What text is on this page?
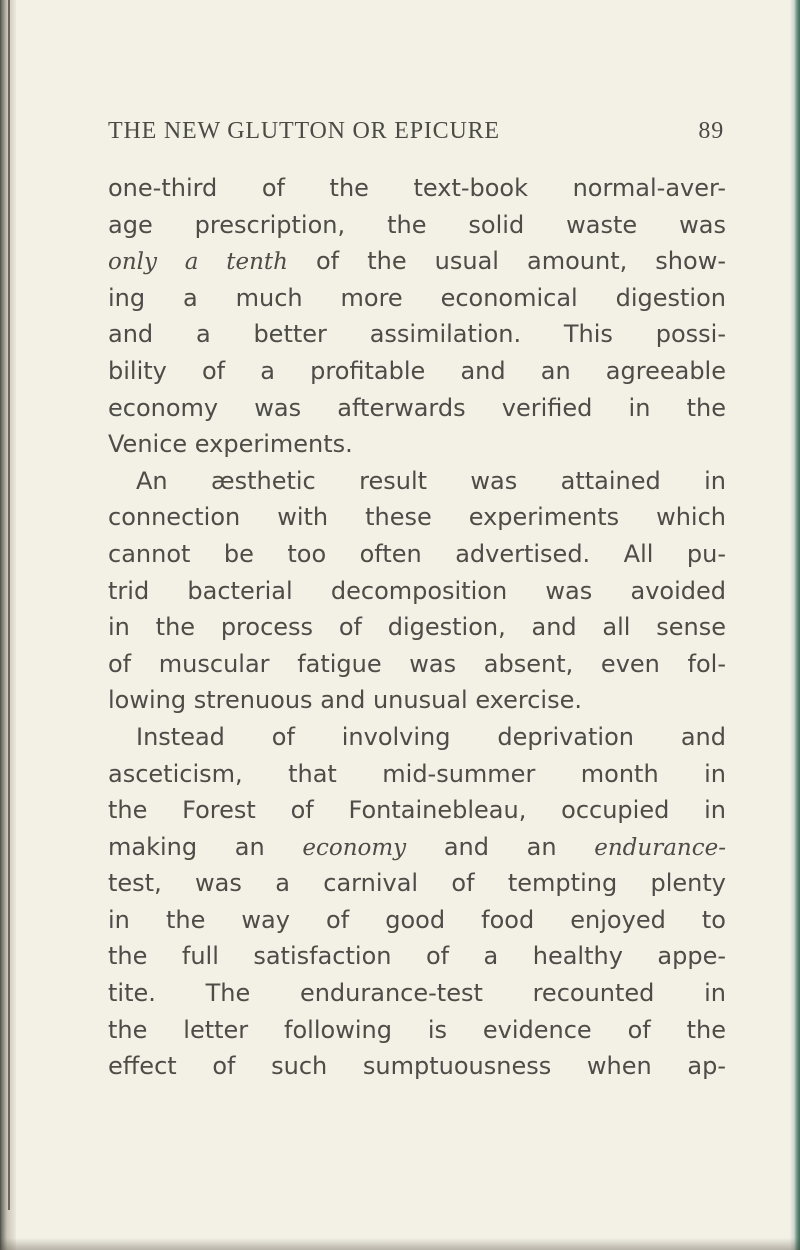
THE NEW GLUTTON OR EPICURE	89
one-third of the text-book normal-aver-
age prescription, the solid waste was
only a tenth of the usual amount, show-
ing a much more economical digestion
and a better assimilation. This possi-
bility of a profitable and an agreeable
economy was afterwards verified in the
Venice experiments.
An æsthetic result was attained in
connection with these experiments which
cannot be too often advertised. All pu-
trid bacterial decomposition was avoided
in the process of digestion, and all sense
of muscular fatigue was absent, even fol-
lowing strenuous and unusual exercise.
Instead of involving deprivation and
asceticism, that mid-summer month in
the Forest of Fontainebleau, occupied in
making an economy and an endurance-
test, was a carnival of tempting plenty
in the way of good food enjoyed to
the full satisfaction of a healthy appe-
tite. The endurance-test recounted in
the letter following is evidence of the
effect of such sumptuousness when ap-
